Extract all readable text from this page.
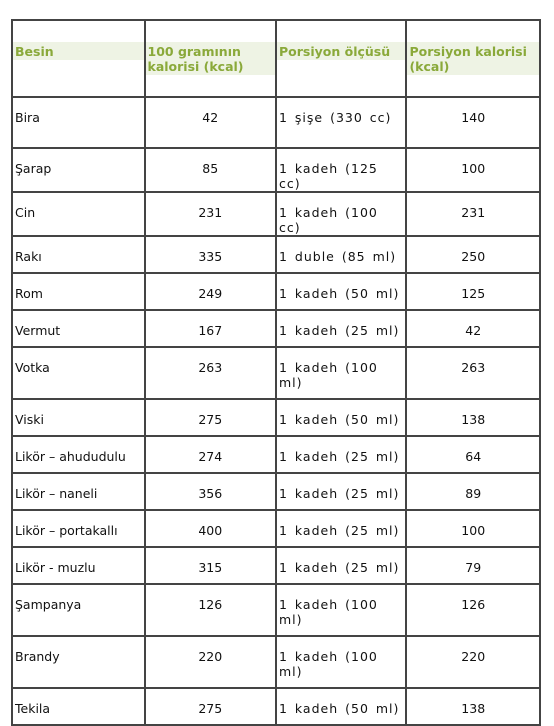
Besin	100 gramının kalorisi (kcal)	Porsiyon ölçüsü	Porsiyon kalorisi (kcal)

Bira	42	1 şişe (330 cc)	140

Şarap	85	1 kadeh (125 cc)	100

Cin	231	1 kadeh (100 cc)	231

Rakı	335	1 duble (85 ml)	250

Rom	249	1 kadeh (50 ml)	125

Vermut	167	1 kadeh (25 ml)	42

Votka	263	1 kadeh (100 ml)	263

Viski	275	1 kadeh (50 ml)	138

Likör – ahududulu	274	1 kadeh (25 ml)	64

Likör – naneli	356	1 kadeh (25 ml)	89

Likör – portakallı	400	1 kadeh (25 ml)	100

Likör - muzlu	315	1 kadeh (25 ml)	79

Şampanya	126	1 kadeh (100 ml)	126

Brandy	220	1 kadeh (100 ml)	220

Tekila	275	1 kadeh (50 ml)	138
